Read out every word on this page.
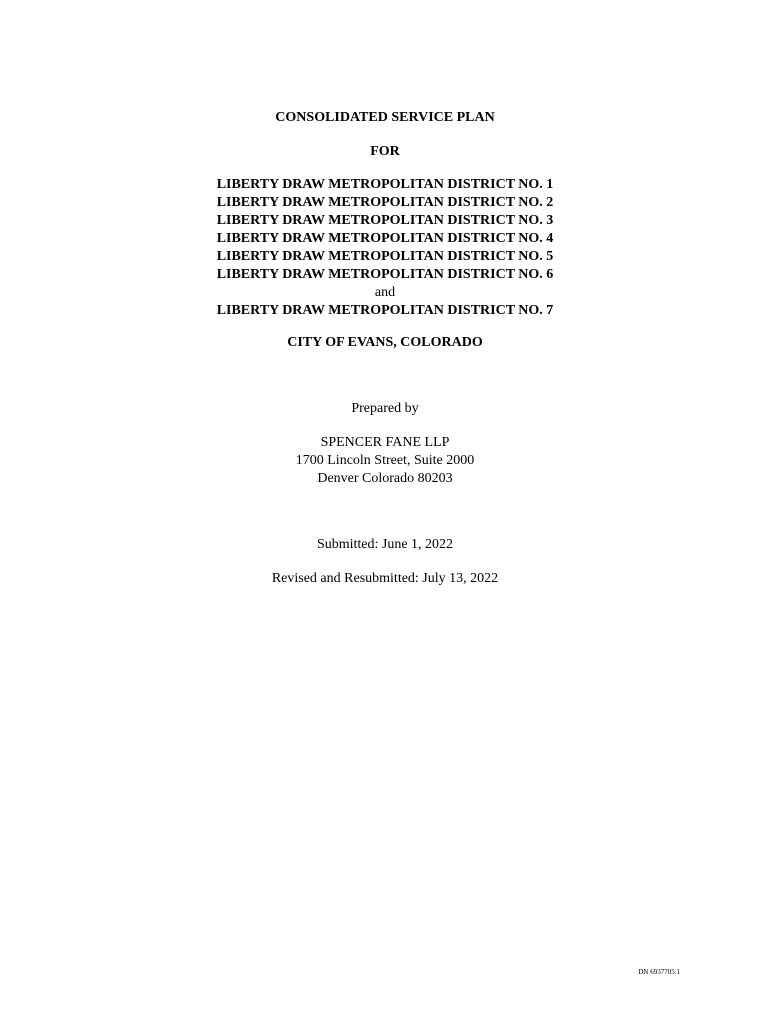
CONSOLIDATED SERVICE PLAN
FOR
LIBERTY DRAW METROPOLITAN DISTRICT NO. 1
LIBERTY DRAW METROPOLITAN DISTRICT NO. 2
LIBERTY DRAW METROPOLITAN DISTRICT NO. 3
LIBERTY DRAW METROPOLITAN DISTRICT NO. 4
LIBERTY DRAW METROPOLITAN DISTRICT NO. 5
LIBERTY DRAW METROPOLITAN DISTRICT NO. 6
and
LIBERTY DRAW METROPOLITAN DISTRICT NO. 7
CITY OF EVANS, COLORADO
Prepared by
SPENCER FANE LLP
1700 Lincoln Street, Suite 2000
Denver Colorado 80203
Submitted: June 1, 2022
Revised and Resubmitted: July 13, 2022
DN 6937705.1
